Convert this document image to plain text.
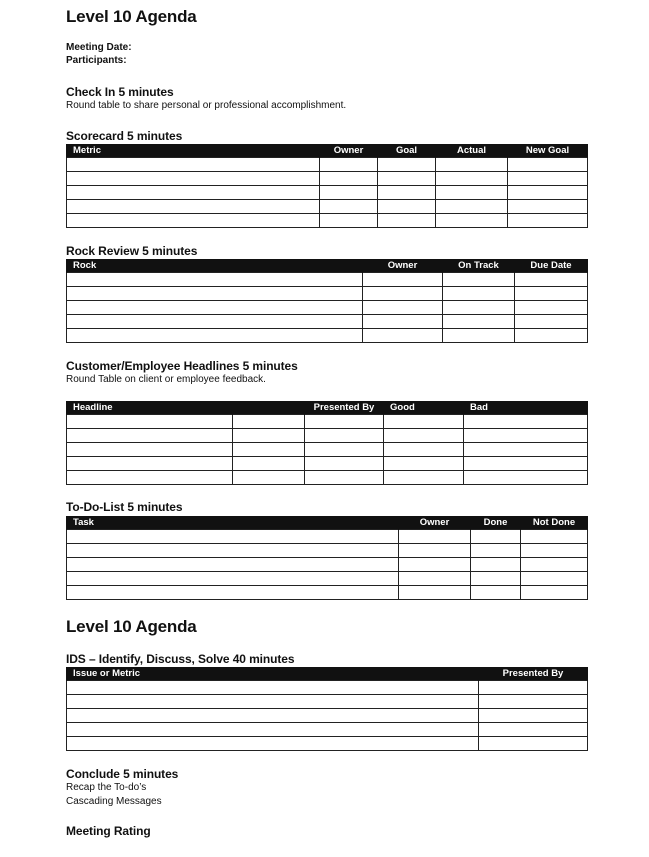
Level 10 Agenda
Meeting Date:
Participants:
Check In 5 minutes
Round table to share personal or professional accomplishment.
Scorecard 5 minutes
Metric	Owner	Goal	Actual	New Goal

Rock Review 5 minutes
Rock	Owner	On Track	Due Date

Customer/Employee Headlines 5 minutes
Round Table on client or employee feedback.
Headline		Presented By	Good	Bad

To-Do-List 5 minutes
Task	Owner	Done	Not Done

Level 10 Agenda
IDS – Identify, Discuss, Solve 40 minutes
Issue or Metric	Presented By

Conclude 5 minutes
Recap the To-do’s
Cascading Messages
Meeting Rating
